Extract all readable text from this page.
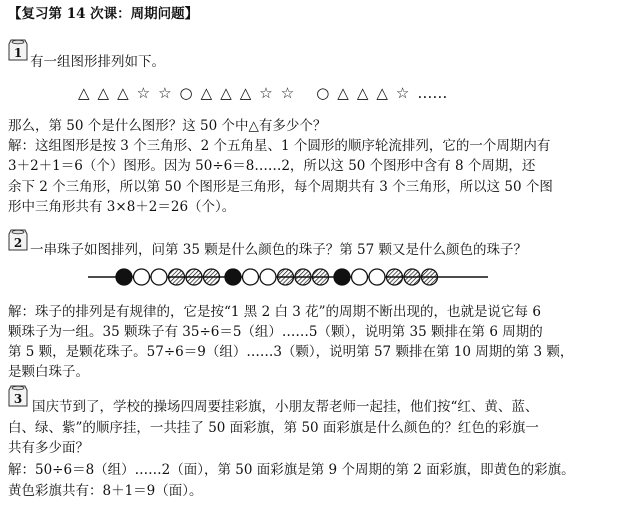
【复习第 14 次课：周期问题】
1
有一组图形排列如下。
△ △ △ ☆ ☆ ○ △ △ △ ☆ ☆ ○ △ △ △ ☆ ……
那么，第 50 个是什么图形？这 50 个中△有多少个？
解：这组图形是按 3 个三角形、2 个五角星、1 个圆形的顺序轮流排列，它的一个周期内有
3＋2＋1＝6（个）图形。因为 50÷6＝8……2，所以这 50 个图形中含有 8 个周期，还
余下 2 个三角形，所以第 50 个图形是三角形，每个周期共有 3 个三角形，所以这 50 个图
形中三角形共有 3×8＋2＝26（个）。
2 一串珠子如图排列，问第 35 颗是什么颜色的珠子？第 57 颗又是什么颜色的珠子？
解：珠子的排列是有规律的，它是按“1 黑 2 白 3 花”的周期不断出现的，也就是说它每 6
颗珠子为一组。35 颗珠子有 35÷6＝5（组）……5（颗），说明第 35 颗排在第 6 周期的
第 5 颗，是颗花珠子。57÷6＝9（组）……3（颗），说明第 57 颗排在第 10 周期的第 3 颗，
是颗白珠子。
3 国庆节到了，学校的操场四周要挂彩旗，小朋友帮老师一起挂，他们按“红、黄、蓝、
白、绿、紫”的顺序挂，一共挂了 50 面彩旗，第 50 面彩旗是什么颜色的？红色的彩旗一
共有多少面？
解：50÷6＝8（组）……2（面），第 50 面彩旗是第 9 个周期的第 2 面彩旗，即黄色的彩旗。
黄色彩旗共有：8＋1＝9（面）。
